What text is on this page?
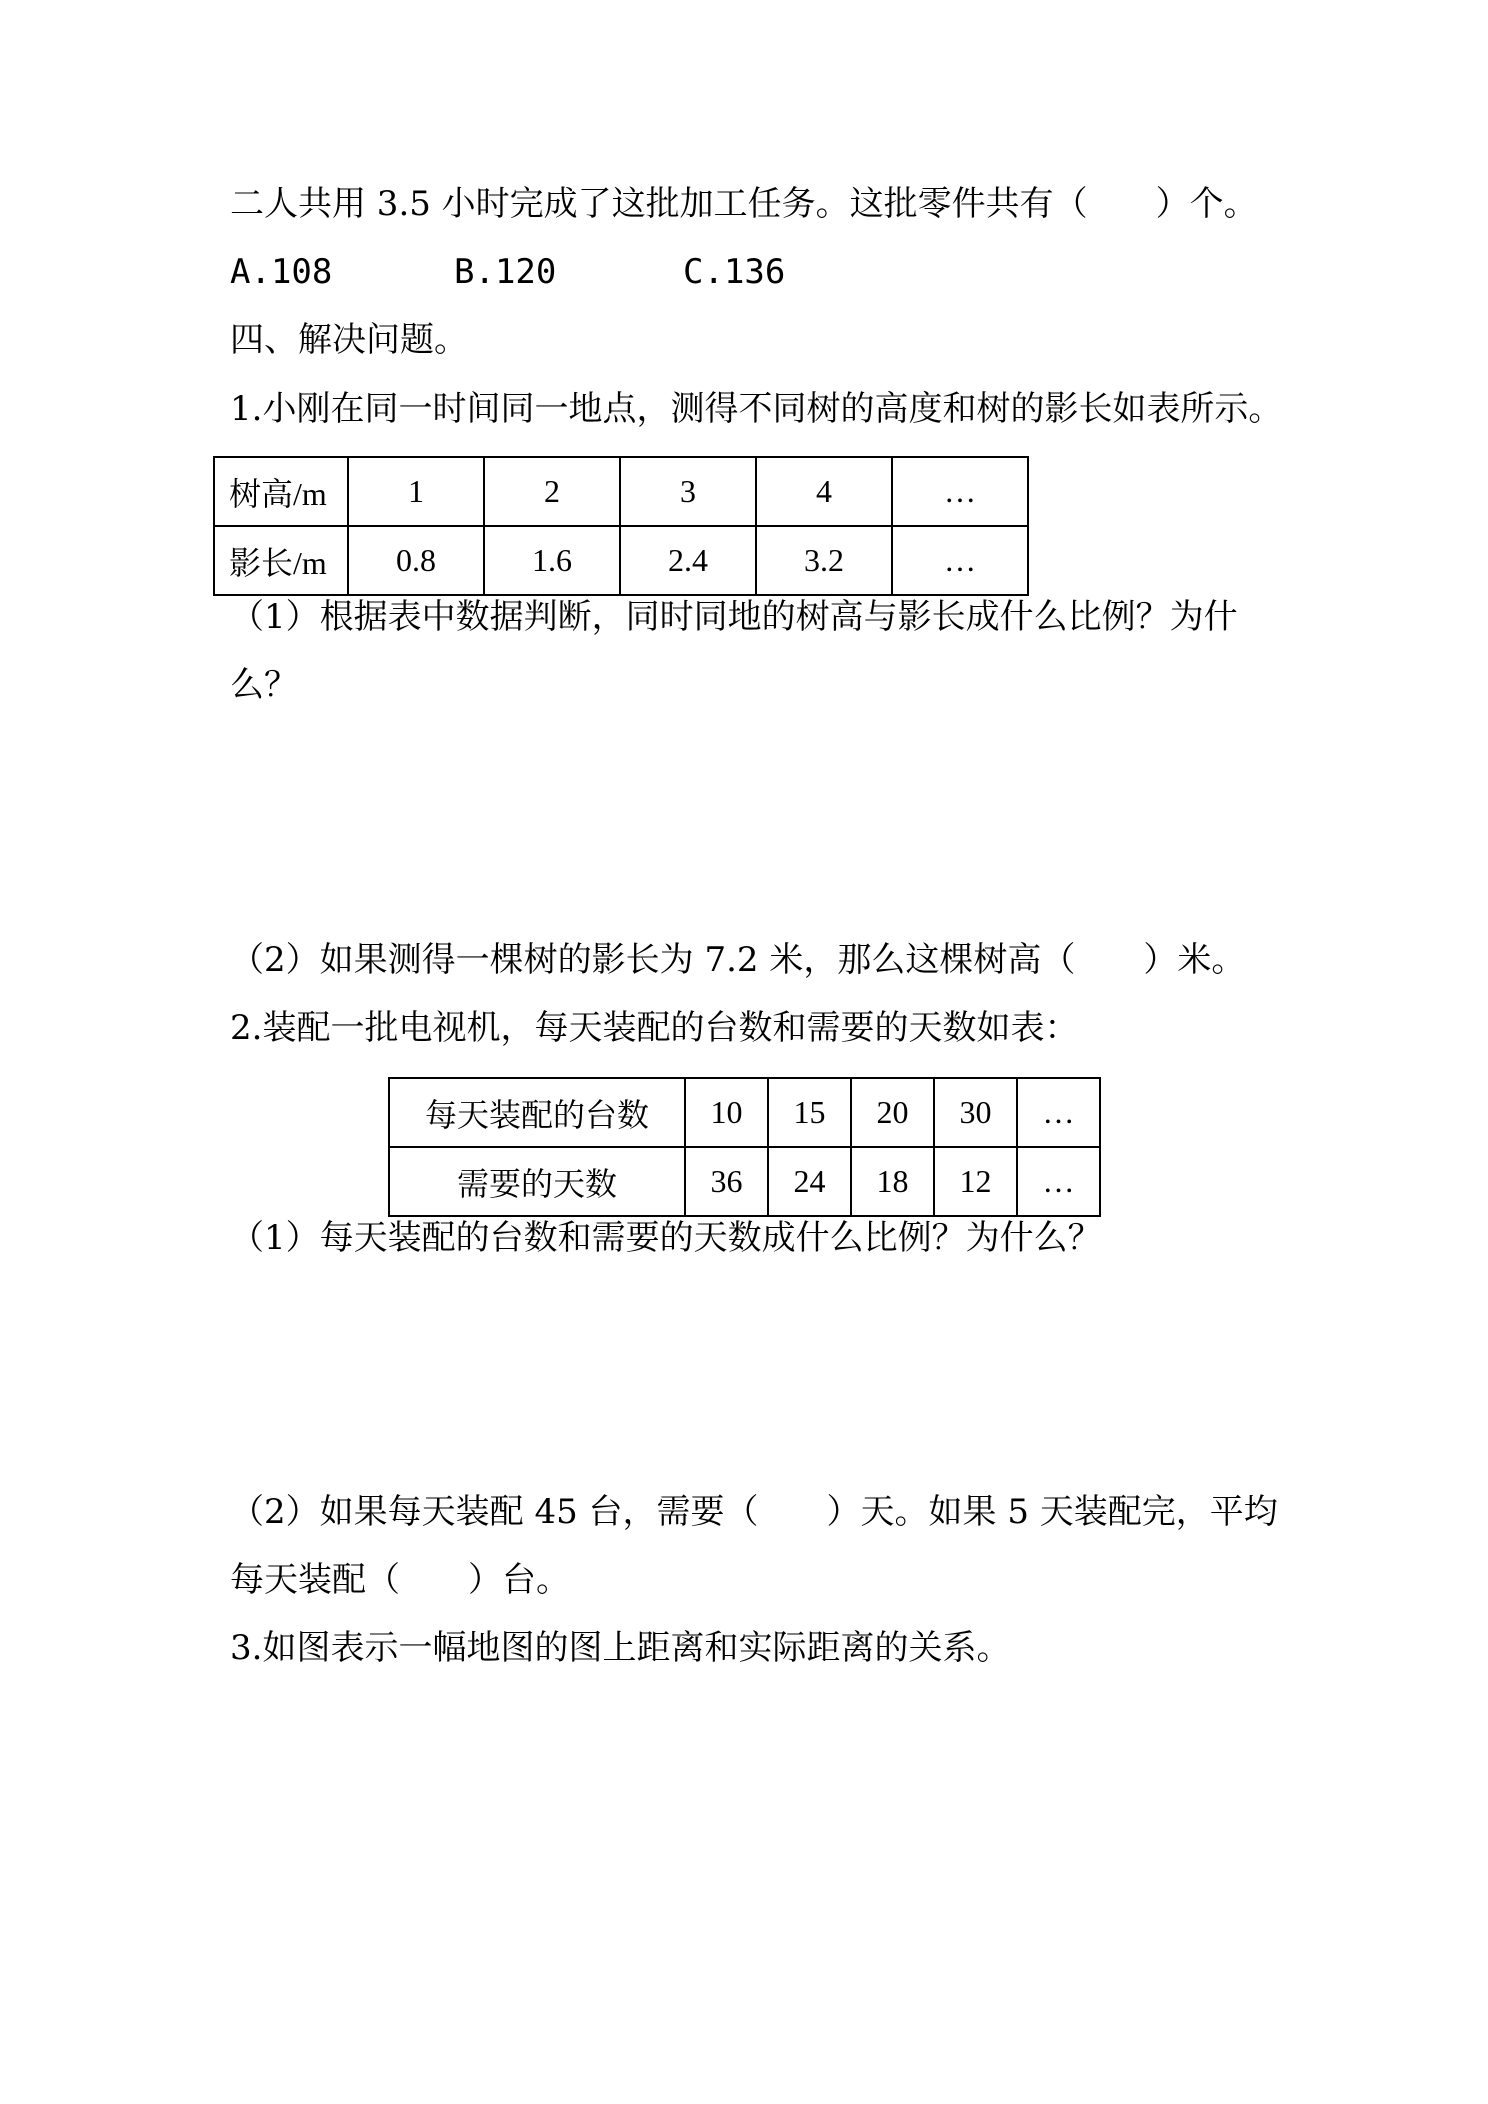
二人共用 3.5 小时完成了这批加工任务。这批零件共有（　　）个。

A.108	B.120	C.136

四、解决问题。

1.小刚在同一时间同一地点，测得不同树的高度和树的影长如表所示。

树高/m	1	2	3	4	…
影长/m	0.8	1.6	2.4	3.2	…

（1）根据表中数据判断，同时同地的树高与影长成什么比例？为什

么？

（2）如果测得一棵树的影长为 7.2 米，那么这棵树高（　　）米。

2.装配一批电视机，每天装配的台数和需要的天数如表：

每天装配的台数	10	15	20	30	…
需要的天数	36	24	18	12	…

（1）每天装配的台数和需要的天数成什么比例？为什么？

（2）如果每天装配 45 台，需要（　　）天。如果 5 天装配完，平均

每天装配（　　）台。

3.如图表示一幅地图的图上距离和实际距离的关系。
